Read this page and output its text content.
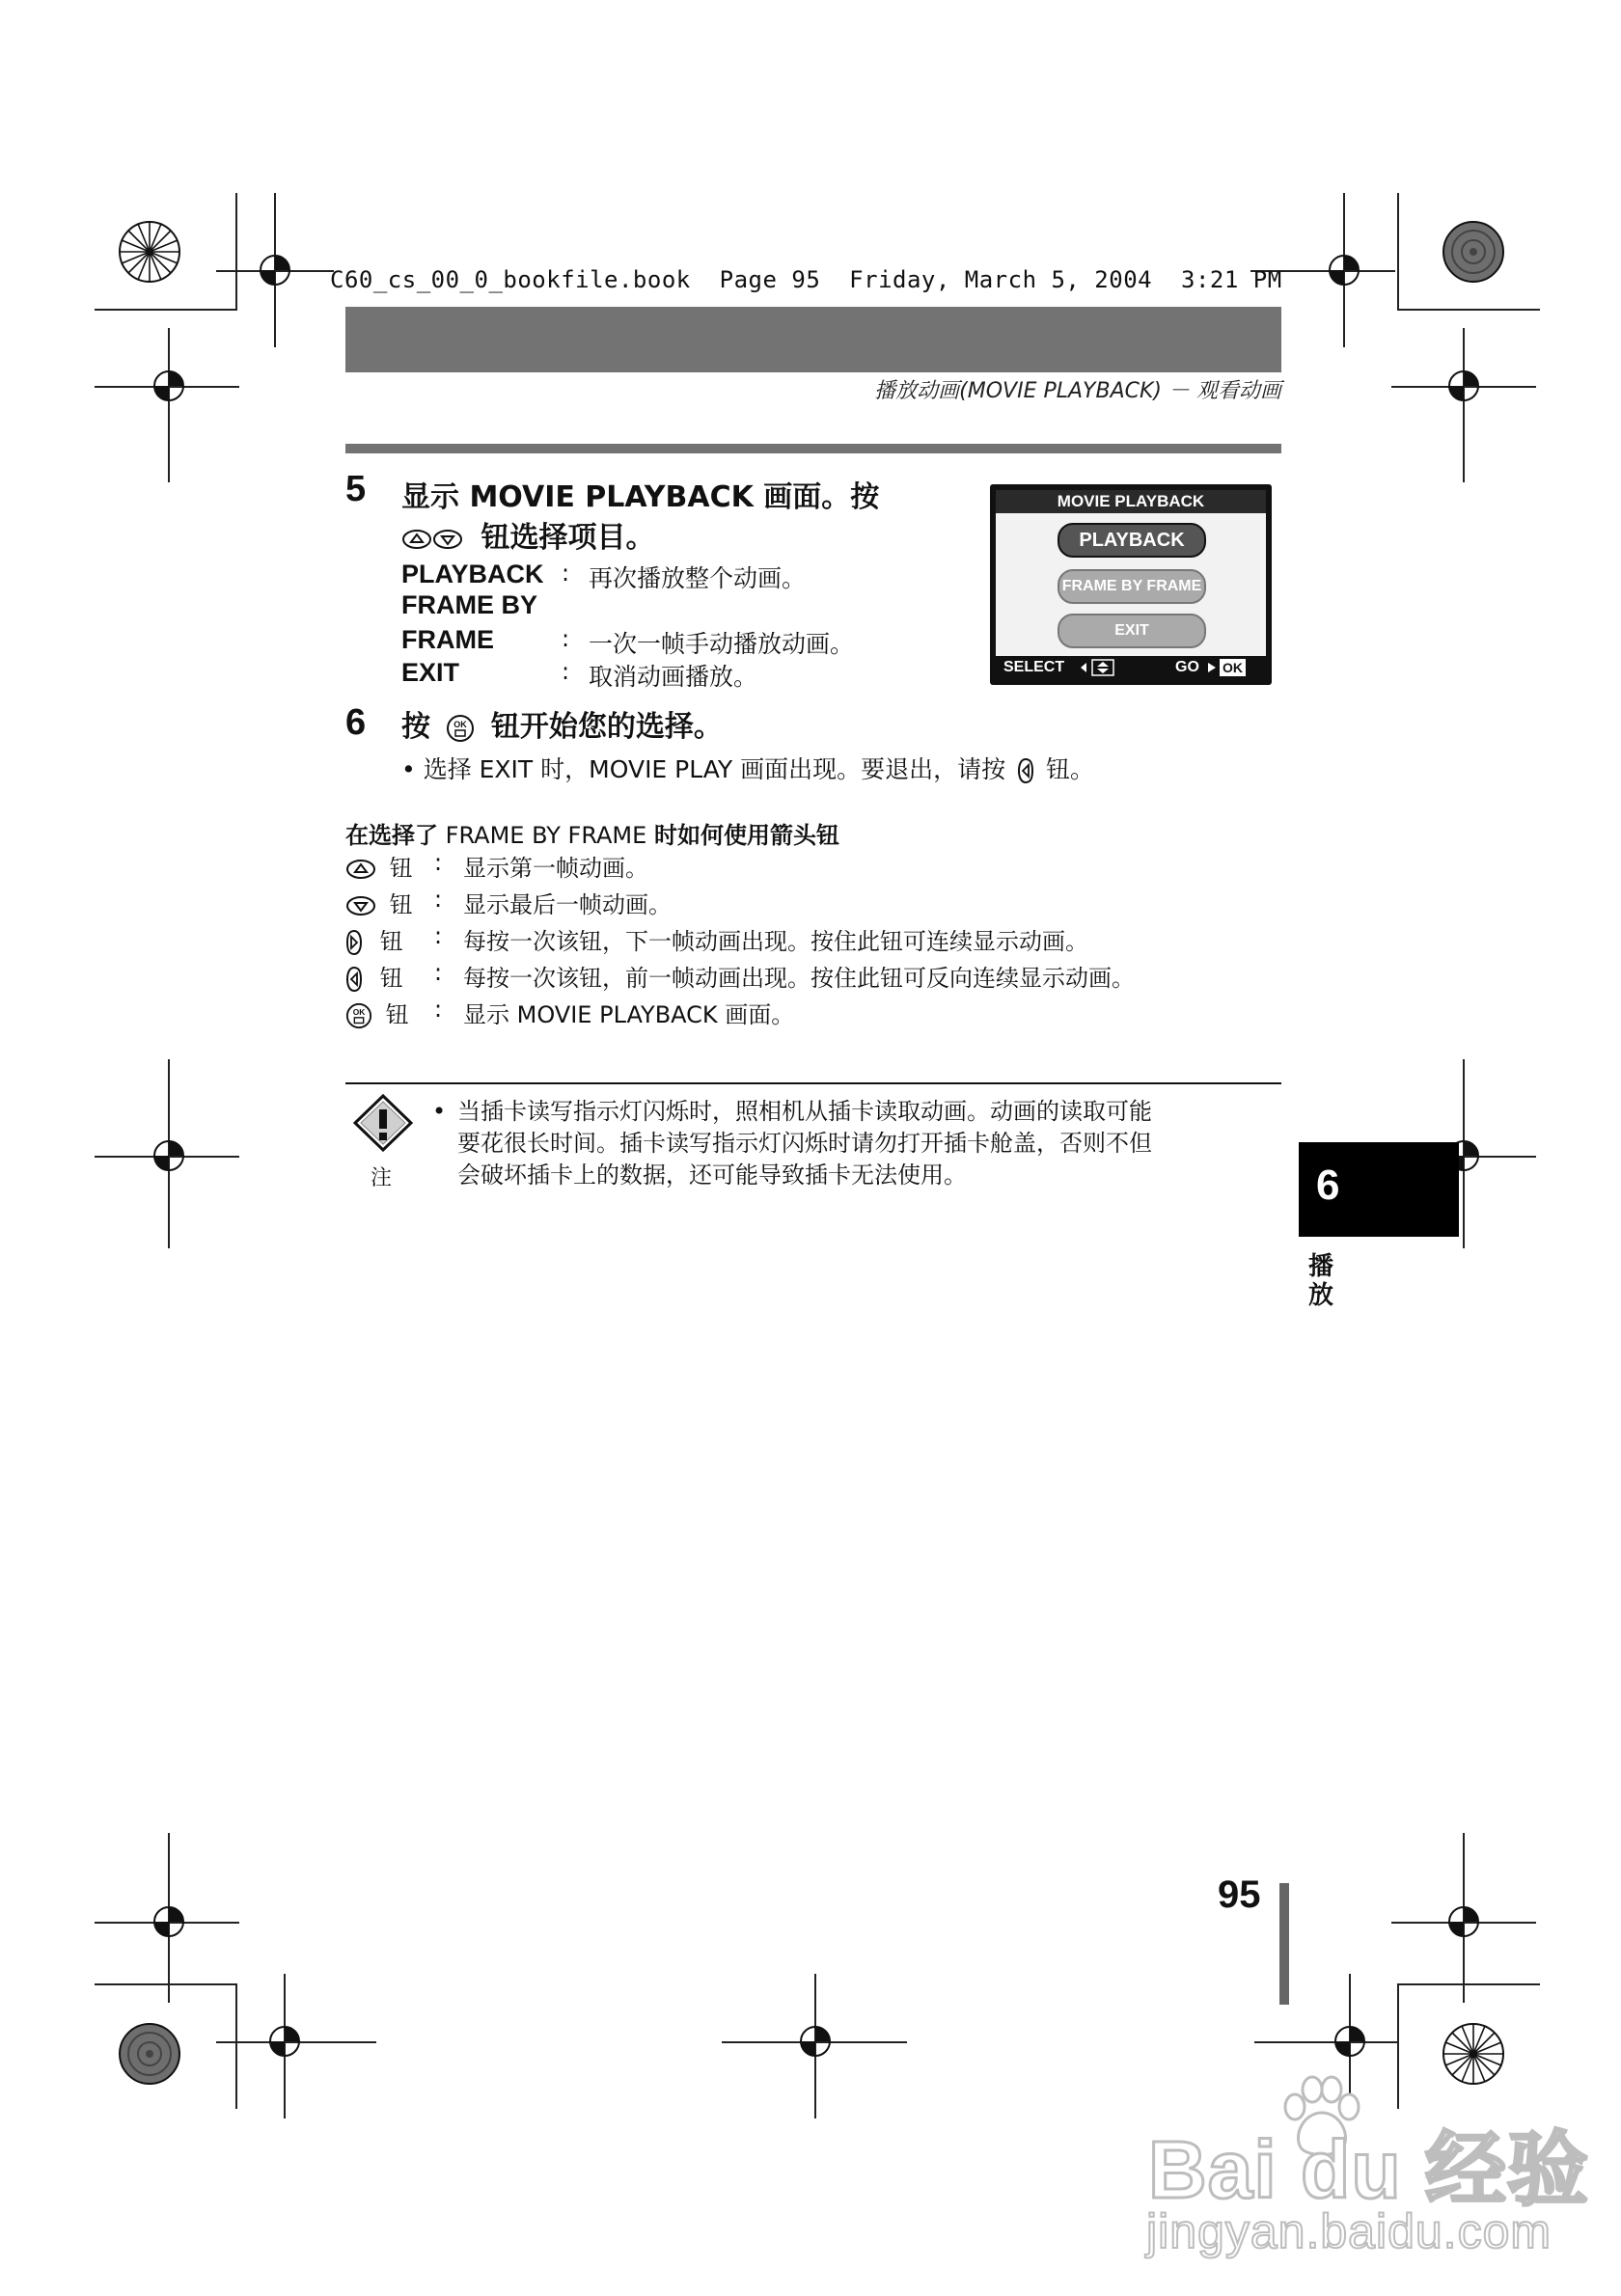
C60_cs_00_0_bookfile.book  Page 95  Friday, March 5, 2004  3:21 PM
播放动画(MOVIE PLAYBACK) － 观看动画
5 显示 MOVIE PLAYBACK 画面。按
钮选择项目。
PLAYBACK : 再次播放整个动画。
FRAME BY
FRAME	: 一次一帧手动播放动画。
EXIT	: 取消动画播放。
MOVIE PLAYBACK
PLAYBACK
FRAME BY FRAME
EXIT
SELECT	GO OK
6 按	OK 钮开始您的选择。
• 选择 EXIT 时，MOVIE PLAY 画面出现。要退出，请按 钮。
在选择了 FRAME BY FRAME 时如何使用箭头钮
钮 : 显示第一帧动画。
钮 : 显示最后一帧动画。
钮 : 每按一次该钮，下一帧动画出现。按住此钮可连续显示动画。
钮 : 每按一次该钮，前一帧动画出现。按住此钮可反向连续显示动画。
OK 钮 : 显示 MOVIE PLAYBACK 画面。
注
• 当插卡读写指示灯闪烁时，照相机从插卡读取动画。动画的读取可能
要花很长时间。插卡读写指示灯闪烁时请勿打开插卡舱盖，否则不但
会破坏插卡上的数据，还可能导致插卡无法使用。	6
播放
95
Bai du 经验
jingyan.baidu.com
